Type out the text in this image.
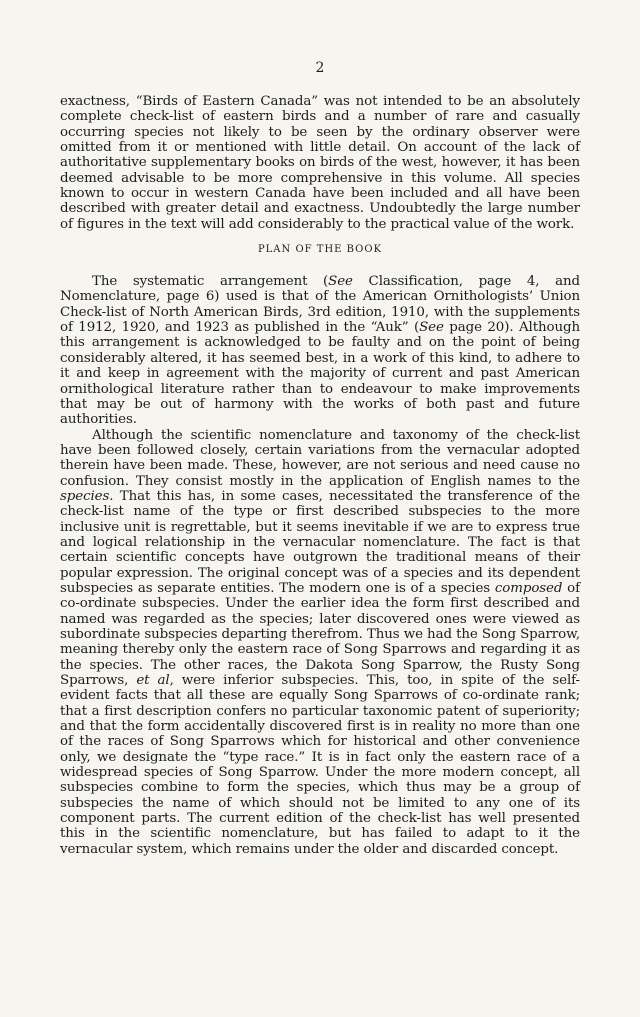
2

exactness, “Birds of Eastern Canada” was not intended to be an absolutely complete check-list of eastern birds and a number of rare and casually occurring species not likely to be seen by the ordinary observer were omitted from it or mentioned with little detail. On account of the lack of authoritative supplementary books on birds of the west, however, it has been deemed advisable to be more comprehensive in this volume. All species known to occur in western Canada have been included and all have been described with greater detail and exactness. Undoubtedly the large number of figures in the text will add considerably to the practical value of the work.

PLAN OF THE BOOK

The systematic arrangement (See Classification, page 4, and Nomenclature, page 6) used is that of the American Ornithologists’ Union Check-list of North American Birds, 3rd edition, 1910, with the supplements of 1912, 1920, and 1923 as published in the “Auk” (See page 20). Although this arrangement is acknowledged to be faulty and on the point of being considerably altered, it has seemed best, in a work of this kind, to adhere to it and keep in agreement with the majority of current and past American ornithological literature rather than to endeavour to make improvements that may be out of harmony with the works of both past and future authorities.

Although the scientific nomenclature and taxonomy of the check-list have been followed closely, certain variations from the vernacular adopted therein have been made. These, however, are not serious and need cause no confusion. They consist mostly in the application of English names to the species. That this has, in some cases, necessitated the transference of the check-list name of the type or first described subspecies to the more inclusive unit is regrettable, but it seems inevitable if we are to express true and logical relationship in the vernacular nomenclature. The fact is that certain scientific concepts have outgrown the traditional means of their popular expression. The original concept was of a species and its dependent subspecies as separate entities. The modern one is of a species composed of co-ordinate subspecies. Under the earlier idea the form first described and named was regarded as the species; later discovered ones were viewed as subordinate subspecies departing therefrom. Thus we had the Song Sparrow, meaning thereby only the eastern race of Song Sparrows and regarding it as the species. The other races, the Dakota Song Sparrow, the Rusty Song Sparrows, et al, were inferior subspecies. This, too, in spite of the self-evident facts that all these are equally Song Sparrows of co-ordinate rank; that a first description confers no particular taxonomic patent of superiority; and that the form accidentally discovered first is in reality no more than one of the races of Song Sparrows which for historical and other convenience only, we designate the “type race.” It is in fact only the eastern race of a widespread species of Song Sparrow. Under the more modern concept, all subspecies combine to form the species, which thus may be a group of subspecies the name of which should not be limited to any one of its component parts. The current edition of the check-list has well presented this in the scientific nomenclature, but has failed to adapt to it the vernacular system, which remains under the older and discarded concept.
